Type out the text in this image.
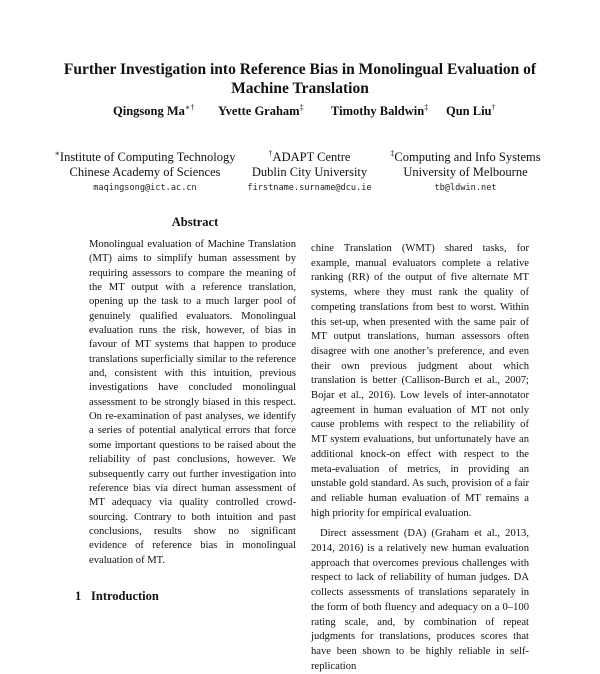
Further Investigation into Reference Bias in Monolingual Evaluation of Machine Translation
Qingsong Ma∗† Yvette Graham‡ Timothy Baldwin‡ Qun Liu†
∗Institute of Computing Technology
Chinese Academy of Sciences
maqingsong@ict.ac.cn
†ADAPT Centre
Dublin City University
firstname.surname@dcu.ie
‡Computing and Info Systems
University of Melbourne
tb@ldwin.net
Abstract
Monolingual evaluation of Machine Translation (MT) aims to simplify human assessment by requiring assessors to compare the meaning of the MT output with a reference translation, opening up the task to a much larger pool of genuinely qualified evaluators. Monolingual evaluation runs the risk, however, of bias in favour of MT systems that happen to produce translations superficially similar to the reference and, consistent with this intuition, previous investigations have concluded monolingual assessment to be strongly biased in this respect. On re-examination of past analyses, we identify a series of potential analytical errors that force some important questions to be raised about the reliability of past conclusions, however. We subsequently carry out further investigation into reference bias via direct human assessment of MT adequacy via quality controlled crowd-sourcing. Contrary to both intuition and past conclusions, results show no significant evidence of reference bias in monolingual evaluation of MT.

chine Translation (WMT) shared tasks, for example, manual evaluators complete a relative ranking (RR) of the output of five alternate MT systems, where they must rank the quality of competing translations from best to worst. Within this set-up, when presented with the same pair of MT output translations, human assessors often disagree with one another’s preference, and even their own previous judgment about which translation is better (Callison-Burch et al., 2007; Bojar et al., 2016). Low levels of inter-annotator agreement in human evaluation of MT not only cause problems with respect to the reliability of MT system evaluations, but unfortunately have an additional knock-on effect with respect to the meta-evaluation of metrics, in providing an unstable gold standard. As such, provision of a fair and reliable human evaluation of MT remains a high priority for empirical evaluation.

Direct assessment (DA) (Graham et al., 2013, 2014, 2016) is a relatively new human evaluation approach that overcomes previous challenges with respect to lack of reliability of human judges. DA collects assessments of translations separately in the form of both fluency and adequacy on a 0–100 rating scale, and, by combination of repeat judgments for translations, produces scores that have been shown to be highly reliable in self-replication

1 Introduction
